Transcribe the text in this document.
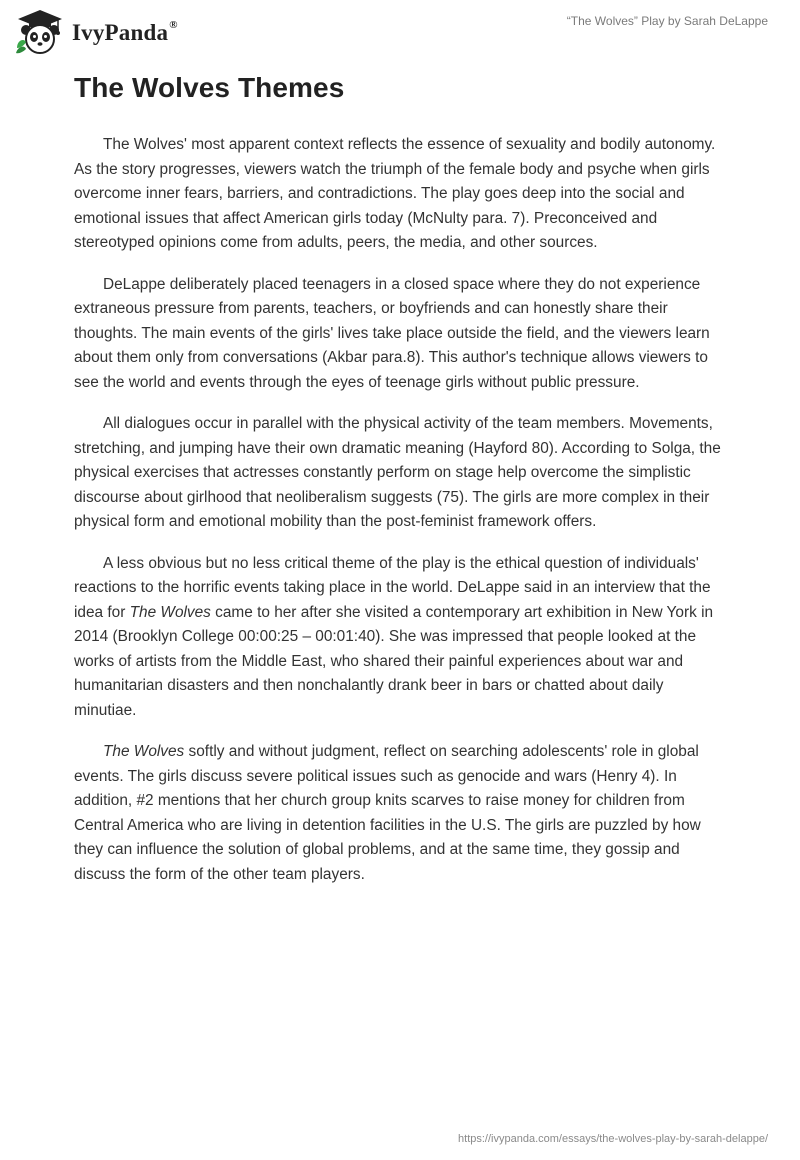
IvyPanda®	“The Wolves” Play by Sarah DeLappe
The Wolves Themes

The Wolves' most apparent context reflects the essence of sexuality and bodily autonomy. As the story progresses, viewers watch the triumph of the female body and psyche when girls overcome inner fears, barriers, and contradictions. The play goes deep into the social and emotional issues that affect American girls today (McNulty para. 7). Preconceived and stereotyped opinions come from adults, peers, the media, and other sources.

DeLappe deliberately placed teenagers in a closed space where they do not experience extraneous pressure from parents, teachers, or boyfriends and can honestly share their thoughts. The main events of the girls' lives take place outside the field, and the viewers learn about them only from conversations (Akbar para.8). This author's technique allows viewers to see the world and events through the eyes of teenage girls without public pressure.

All dialogues occur in parallel with the physical activity of the team members. Movements, stretching, and jumping have their own dramatic meaning (Hayford 80). According to Solga, the physical exercises that actresses constantly perform on stage help overcome the simplistic discourse about girlhood that neoliberalism suggests (75). The girls are more complex in their physical form and emotional mobility than the post-feminist framework offers.

A less obvious but no less critical theme of the play is the ethical question of individuals' reactions to the horrific events taking place in the world. DeLappe said in an interview that the idea for The Wolves came to her after she visited a contemporary art exhibition in New York in 2014 (Brooklyn College 00:00:25 – 00:01:40). She was impressed that people looked at the works of artists from the Middle East, who shared their painful experiences about war and humanitarian disasters and then nonchalantly drank beer in bars or chatted about daily minutiae.

The Wolves softly and without judgment, reflect on searching adolescents' role in global events. The girls discuss severe political issues such as genocide and wars (Henry 4). In addition, #2 mentions that her church group knits scarves to raise money for children from Central America who are living in detention facilities in the U.S. The girls are puzzled by how they can influence the solution of global problems, and at the same time, they gossip and discuss the form of the other team players.

https://ivypanda.com/essays/the-wolves-play-by-sarah-delappe/
